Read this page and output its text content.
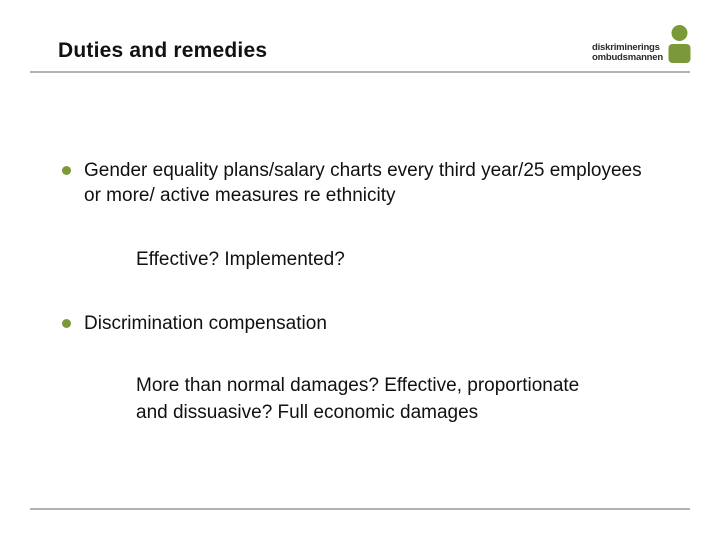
Duties and remedies	diskriminerings
ombudsmannen
Gender equality plans/salary charts every third year/25 employees or more/ active measures re ethnicity
Effective? Implemented?
Discrimination compensation
More than normal damages? Effective, proportionate and dissuasive? Full economic damages
